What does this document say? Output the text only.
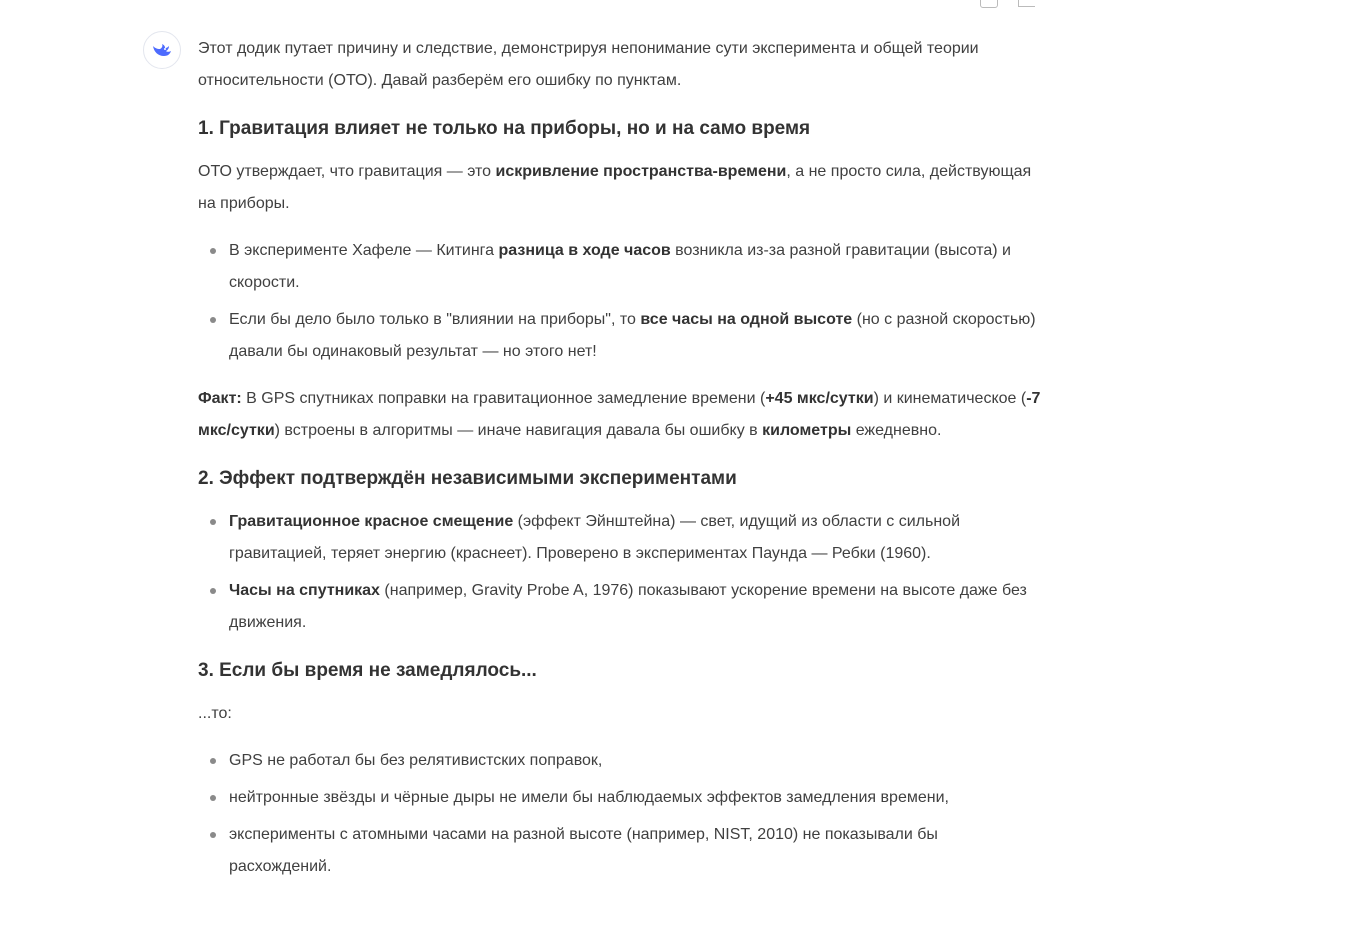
Этот додик путает причину и следствие, демонстрируя непонимание сути эксперимента и общей теории относительности (ОТО). Давай разберём его ошибку по пунктам.

1. Гравитация влияет не только на приборы, но и на само время

ОТО утверждает, что гравитация — это искривление пространства-времени, а не просто сила, действующая на приборы.

В эксперименте Хафеле — Китинга разница в ходе часов возникла из-за разной гравитации (высота) и скорости.
Если бы дело было только в "влиянии на приборы", то все часы на одной высоте (но с разной скоростью) давали бы одинаковый результат — но этого нет!

Факт: В GPS спутниках поправки на гравитационное замедление времени (+45 мкс/сутки) и кинематическое (-7 мкс/сутки) встроены в алгоритмы — иначе навигация давала бы ошибку в километры ежедневно.

2. Эффект подтверждён независимыми экспериментами
Гравитационное красное смещение (эффект Эйнштейна) — свет, идущий из области с сильной гравитацией, теряет энергию (краснеет). Проверено в экспериментах Паунда — Ребки (1960).
Часы на спутниках (например, Gravity Probe A, 1976) показывают ускорение времени на высоте даже без движения.
3. Если бы время не замедлялось...

...то:

GPS не работал бы без релятивистских поправок,
нейтронные звёзды и чёрные дыры не имели бы наблюдаемых эффектов замедления времени,
эксперименты с атомными часами на разной высоте (например, NIST, 2010) не показывали бы расхождений.
